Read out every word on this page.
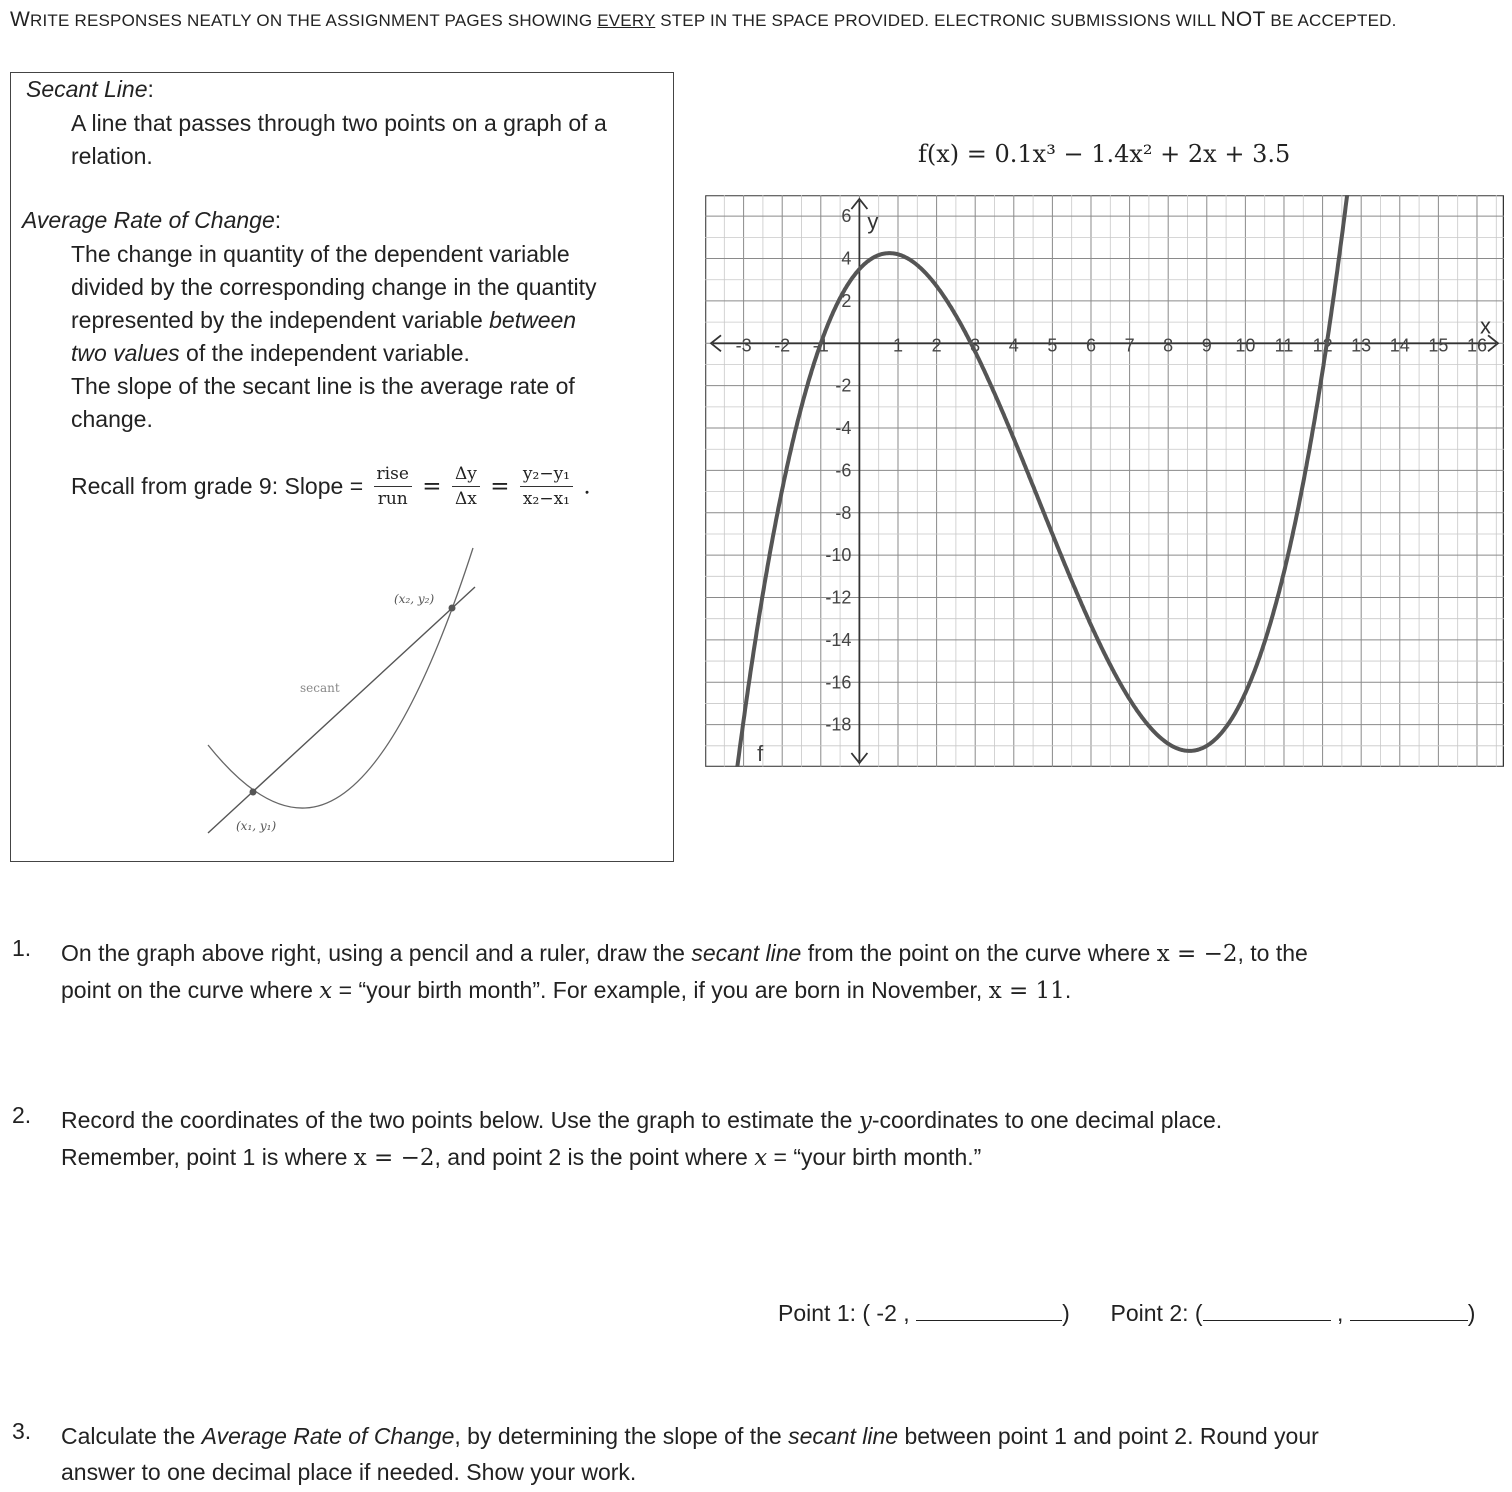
WRITE RESPONSES NEATLY ON THE ASSIGNMENT PAGES SHOWING EVERY STEP IN THE SPACE PROVIDED. ELECTRONIC SUBMISSIONS WILL NOT BE ACCEPTED.
Secant Line:
A line that passes through two points on a graph of a
relation.
Average Rate of Change:
The change in quantity of the dependent variable
divided by the corresponding change in the quantity
represented by the independent variable between
two values of the independent variable.
The slope of the secant line is the average rate of
change.
Recall from grade 9: Slope = $\frac{\text{rise}}{\text{run}} = \frac{\Delta y}{\Delta x} = \frac{\text{y₂−y₁}}{\text{x₂−x₁}}$ .
secant
(x₂, y₂)
(x₁, y₁)
f(x) = 0.1x³ − 1.4x² + 2x + 3.5
-3 -2 -1	1 2 3 4 5 6 7 8 9 10 11 12 13 14 15 16
6
4
2
-2
-4
-6
-8
-10
-12
-14
-16
-18
x
y
f
1. On the graph above right, using a pencil and a ruler, draw the secant line from the point on the curve where x = −2, to the
point on the curve where x = “your birth month”. For example, if you are born in November, x = 11.
2. Record the coordinates of the two points below. Use the graph to estimate the y-coordinates to one decimal place.
Remember, point 1 is where x = −2, and point 2 is the point where x = “your birth month.”
Point 1: ( -2 ,	) Point 2: (	,	)
3. Calculate the Average Rate of Change, by determining the slope of the secant line between point 1 and point 2. Round your
answer to one decimal place if needed. Show your work.
